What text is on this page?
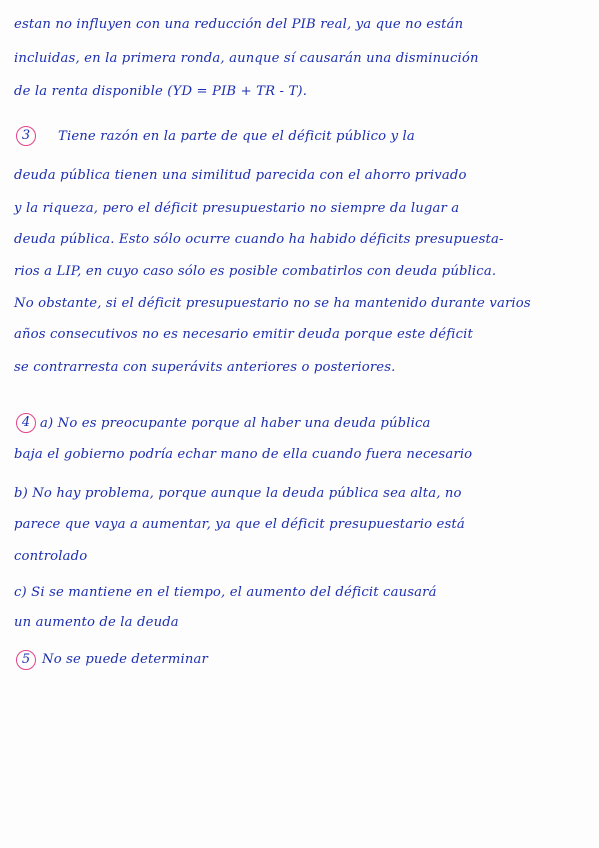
estan no influyen con una reducción del PIB real, ya que no están
incluidas, en la primera ronda, aunque sí causarán una disminución
de la renta disponible (YD = PIB + TR - T).
3	Tiene razón en la parte de que el déficit público y la
deuda pública tienen una similitud parecida con el ahorro privado
y la riqueza, pero el déficit presupuestario no siempre da lugar a
deuda pública. Esto sólo ocurre cuando ha habido déficits presupuesta-
rios a LIP, en cuyo caso sólo es posible combatirlos con deuda pública.
No obstante, si el déficit presupuestario no se ha mantenido durante varios
años consecutivos no es necesario emitir deuda porque este déficit
se contrarresta con superávits anteriores o posteriores.
4 a) No es preocupante porque al haber una deuda pública
baja el gobierno podría echar mano de ella cuando fuera necesario
b) No hay problema, porque aunque la deuda pública sea alta, no
parece que vaya a aumentar, ya que el déficit presupuestario está
controlado
c) Si se mantiene en el tiempo, el aumento del déficit causará
un aumento de la deuda
5 No se puede determinar
